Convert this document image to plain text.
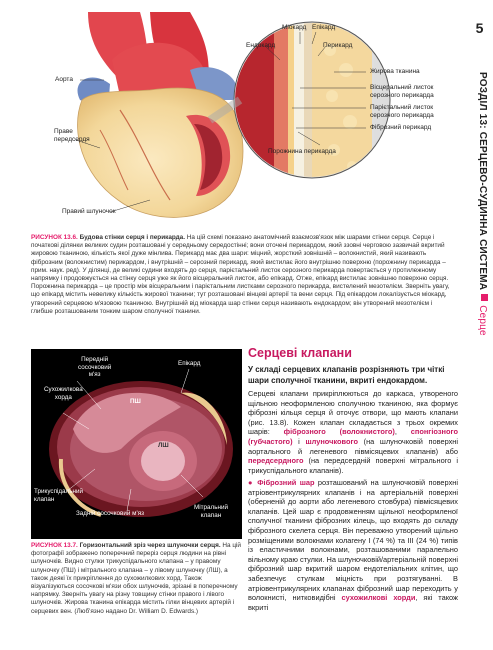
5
РОЗДІЛ 13: СЕРЦЕВО-СУДИННА СИСТЕМАСерце
Аорта
Праве
передсердя
Правий шлуночок
Міокард Епікард
Ендокард	Перикард
Жирова тканина
Вісцеральний листок
серозного перикарда
Парієтальний листок
серозного перикарда
Фіброзний перикард
Порожнина перикарда
РИСУНОК 13.6. Будова стінки серця і перикарда. На цій схемі показано анатомічний взаємозв'язок між шарами стінки серця. Серце і початкові ділянки великих судин розташовані у середньому середостінні; вони оточені перикардом, який ззовні черговою зазвичай вкритий жировою тканиною, кількість якої дуже мінлива. Перикард має два шари: міцний, жорсткий зовнішній – волокнистий, який називають фіброзним (волокнистим) перикардом, і внутрішній – серозний перикард, який вистилає його внутрішню поверхню (порожнину перикарда – прим. наук. ред). У ділянці, де великі судини входять до серця, парієтальний листок серозного перикарда повертається у протилежному напрямку і продовжується на стінку серця уже як його вісцеральний листок, або епікард. Отже, епікард вистилає зовнішню поверхню серця. Порожнина перикарда – це простір між вісцеральним і парієтальним листками серозного перикарда, вистелений мезотелієм. Зверніть увагу, що епікард містить невелику кількість жирової тканини; тут розташовані вінцеві артерії та вени серця. Під епікардом локалізується міокард, утворений серцевою м'язовою тканиною. Внутрішній від міокарда шар стінки серця називають ендокардом; він утворений мезотелієм і глибше розташованим тонким шаром сполучної тканини.
Передній
сосочковий
м'яз
Сухожилкова
хорда
Епікард
ПШ
ЛШ
Трикуспідальний
клапан
Задній сосочковий м'яз
Мітральний
клапан
РИСУНОК 13.7. Горизонтальний зріз через шлуночки серця. На цій фотографії зображено поперечний переріз серця людини на рівні шлуночків. Видно стулки трикуспідального клапана – у правому шлуночку (ПШ) і мітрального клапана – у лівому шлуночку (ЛШ), а також деякі їх прикріплення до сухожилкових хорд. Також візуалізуються сосочкові м'язи обох шлуночків, зрізані в поперечному напрямку. Зверніть увагу на різну товщину стінки правого і лівого шлуночків. Жирова тканина епікарда містить гілки вінцевих артерій і серцевих вен. (Люб'язно надано Dr. William D. Edwards.)
Серцеві клапани
У складі серцевих клапанів розрізняють три чіткі шари сполучної тканини, вкриті ендокардом.
Серцеві клапани прикріплюються до каркаса, утвореного щільною неоформленою сполучною тканиною, яка формує фіброзні кільця серця й оточує отвори, що мають клапани (рис. 13.8). Кожен клапан складається з трьох окремих шарів: фіброзного (волокнистого), спонгіозного (губчастого) і шлуночкового (на шлуночковій поверхні аортального й легеневого півмісяцевих клапанів) або передсердного (на передсердній поверхні мітрального і трикуспідального клапанів).
● Фіброзний шар розташований на шлуночковій поверхні атріовентрикулярних клапанів і на артеріальній поверхні (оберненій до аорти або легеневого стовбура) півмісяцевих клапанів. Цей шар є продовженням щільної неоформленої сполучної тканини фіброзних кілець, що входять до складу фіброзного скелета серця. Він переважно утворений щільно розміщеними волокнами колагену I (74 %) та III (24 %) типів із еластичними волокнами, розташованими паралельно вільному краю стулки. На шлуночковій/артеріальній поверхні фіброзний шар вкритий шаром ендотеліальних клітин, що забезпечує стулкам міцність при розтягуванні. В атріовентрикулярних клапанах фіброзний шар переходить у волокнисті, нитковидібні сухожилкові хорди, які також вкриті
